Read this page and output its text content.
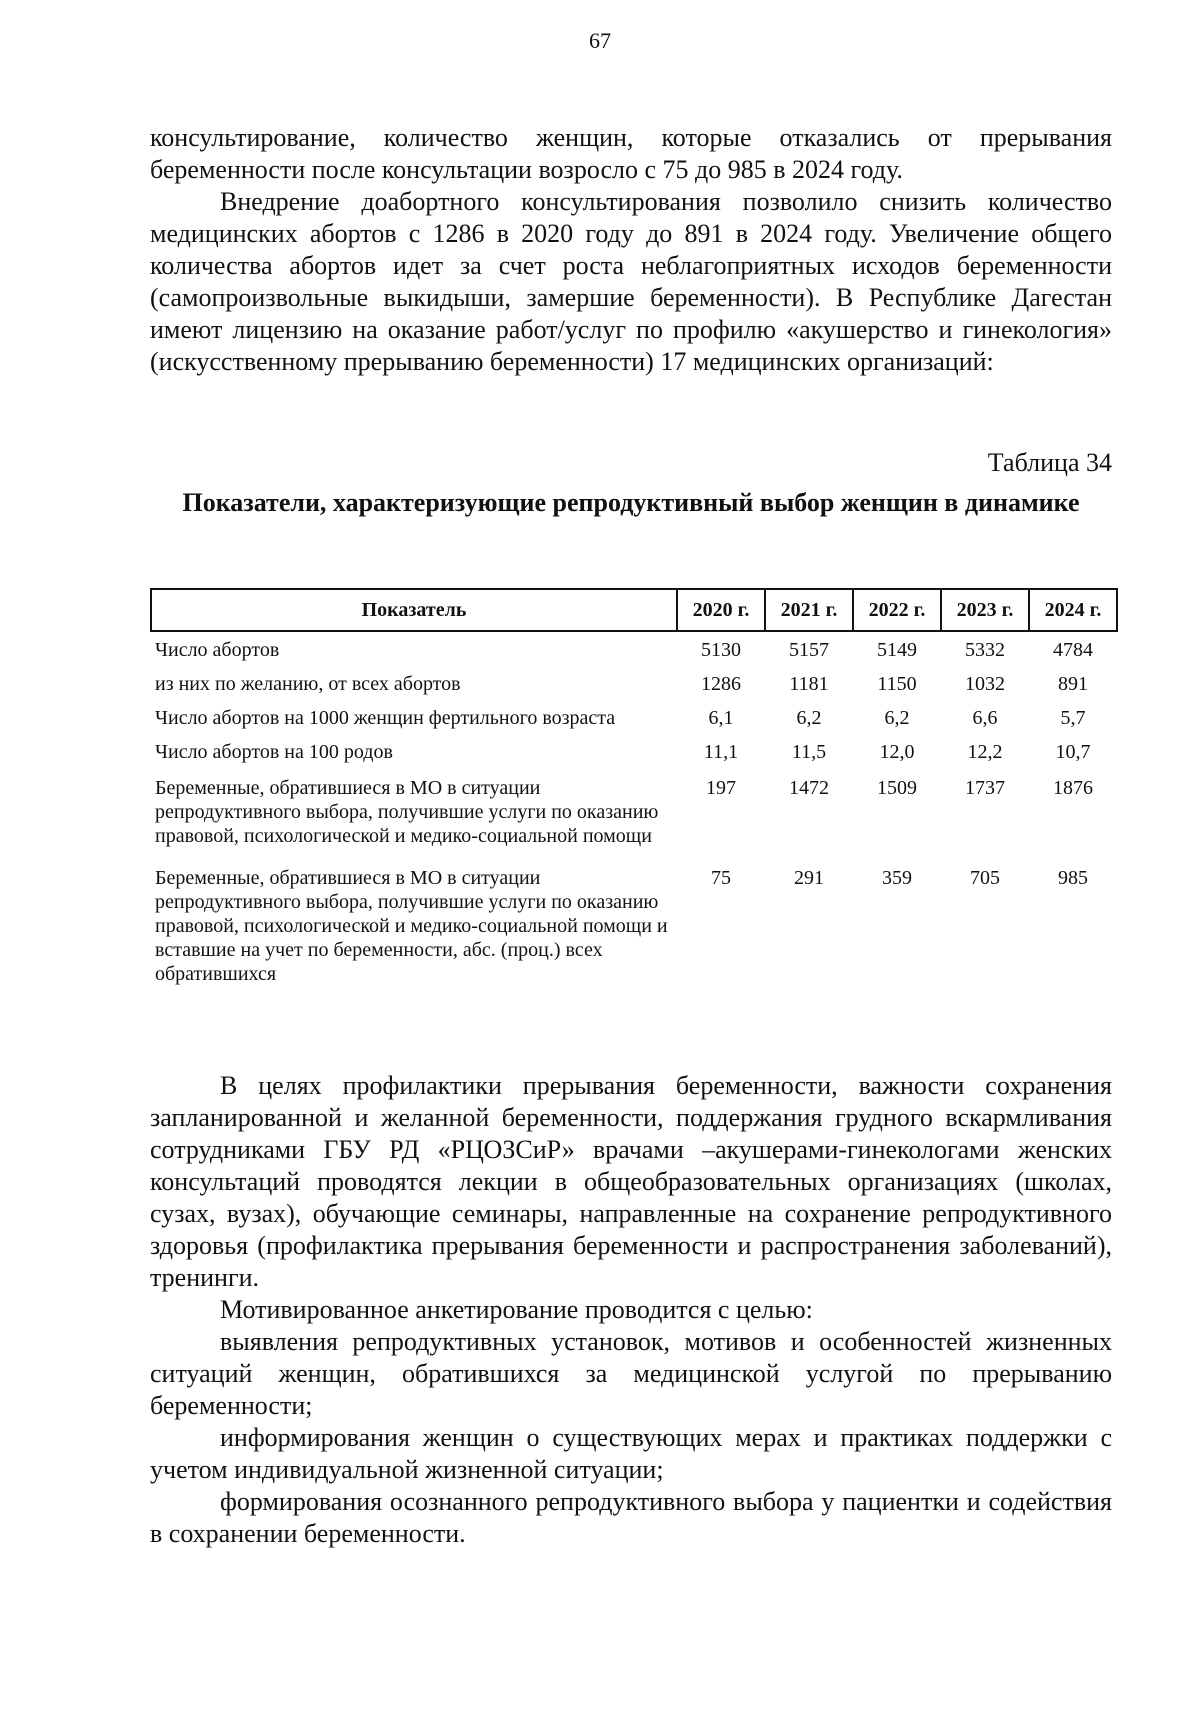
67

консультирование, количество женщин, которые отказались от прерывания беременности после консультации возросло с 75 до 985 в 2024 году.

Внедрение доабортного консультирования позволило снизить количество медицинских абортов с 1286 в 2020 году до 891 в 2024 году. Увеличение общего количества абортов идет за счет роста неблагоприятных исходов беременности (самопроизвольные выкидыши, замершие беременности). В Республике Дагестан имеют лицензию на оказание работ/услуг по профилю «акушерство и гинекология» (искусственному прерыванию беременности) 17 медицинских организаций:

Таблица 34
Показатели, характеризующие репродуктивный выбор женщин в динамике
Показатель	2020 г.	2021 г.	2022 г.	2023 г.	2024 г.
Число абортов	5130	5157	5149	5332	4784
из них по желанию, от всех абортов	1286	1181	1150	1032	891
Число абортов на 1000 женщин фертильного возраста	6,1	6,2	6,2	6,6	5,7
Число абортов на 100 родов	11,1	11,5	12,0	12,2	10,7
Беременные, обратившиеся в МО в ситуации репродуктивного выбора, получившие услуги по оказанию правовой, психологической и медико-социальной помощи	197	1472	1509	1737	1876
Беременные, обратившиеся в МО в ситуации репродуктивного выбора, получившие услуги по оказанию правовой, психологической и медико-социальной помощи и вставшие на учет по беременности, абс. (проц.) всех обратившихся	75	291	359	705	985

В целях профилактики прерывания беременности, важности сохранения запланированной и желанной беременности, поддержания грудного вскармливания сотрудниками ГБУ РД «РЦОЗСиР» врачами –акушерами-гинекологами женских консультаций проводятся лекции в общеобразовательных организациях (школах, сузах, вузах), обучающие семинары, направленные на сохранение репродуктивного здоровья (профилактика прерывания беременности и распространения заболеваний), тренинги.

Мотивированное анкетирование проводится с целью:

выявления репродуктивных установок, мотивов и особенностей жизненных ситуаций женщин, обратившихся за медицинской услугой по прерыванию беременности;

информирования женщин о существующих мерах и практиках поддержки с учетом индивидуальной жизненной ситуации;

формирования осознанного репродуктивного выбора у пациентки и содействия в сохранении беременности.
